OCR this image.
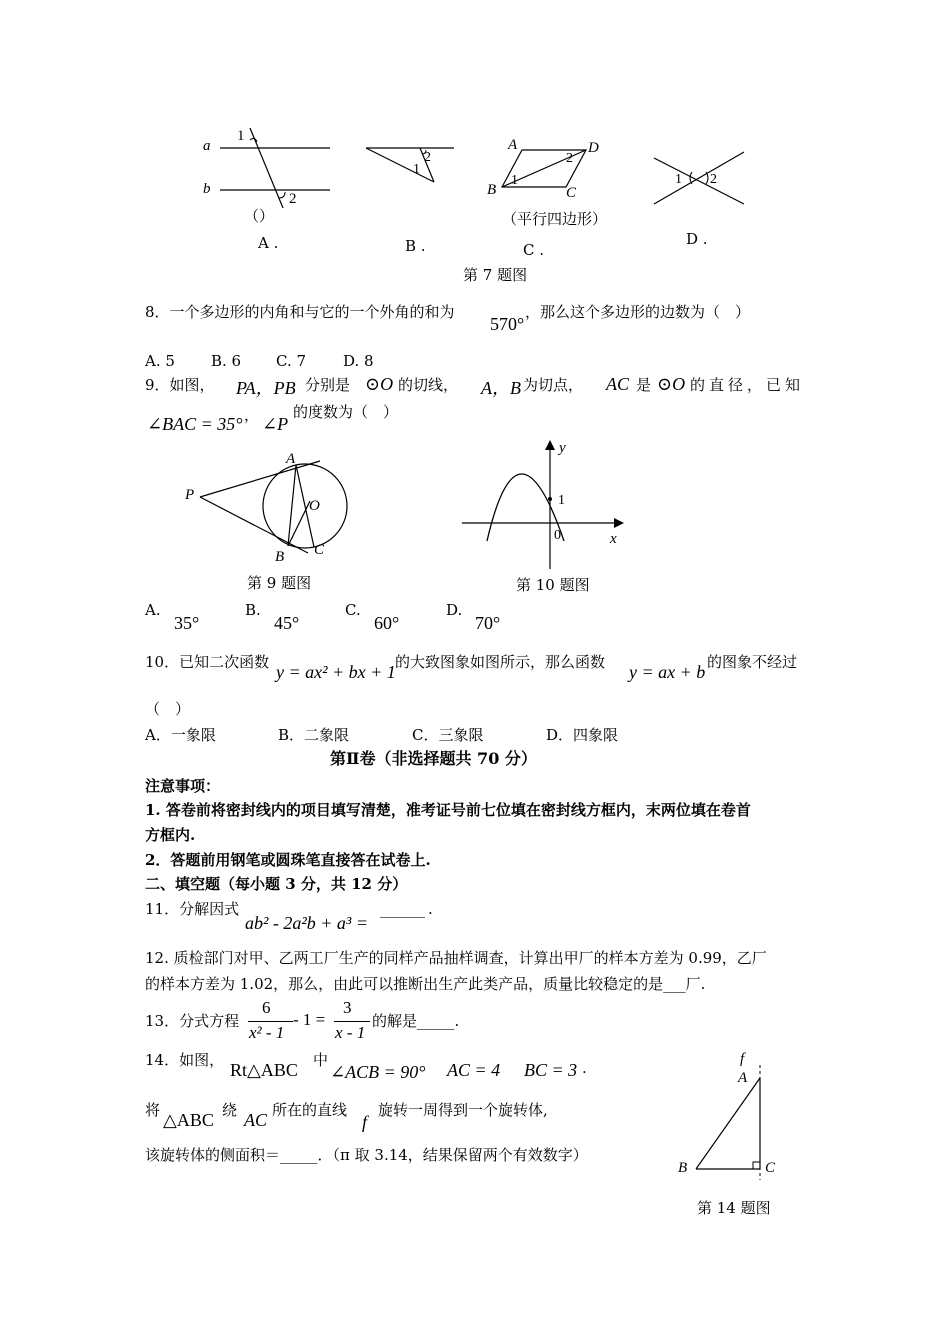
a
b
1
2
（）
A .
2
1
B .
A	D
B	C
2
1
（平行四边形）
C .
1 2
D .
第 7 题图
8．一个多边形的内角和与它的一个外角的和为
570°
，那么这个多边形的边数为（　）
A. 5 B. 6 C. 7 D. 8
9．如图， PA，PB 分别是 ⊙O 的切线， A，B 为切点， AC 是 ⊙O 的直径，已知
∠BAC = 35° ， ∠P
的度数为（　）
P
A
O
B C
第 9 题图
y
x
1
0
第 10 题图
A.
35°
B.
45°
C.
60°
D.
70°
10．已知二次函数 y = ax² + bx + 1 的大致图象如图所示，那么函数 y = ax + b 的图象不经过
（　）
A．一象限	B．二象限	C．三象限	D．四象限
第Ⅱ卷（非选择题共 70 分）
注意事项：
1. 答卷前将密封线内的项目填写清楚，准考证号前七位填在密封线方框内，末两位填在卷首
方框内.
2．答题前用钢笔或圆珠笔直接答在试卷上.
二、填空题（每小题 3 分，共 12 分）
11．分解因式
ab² - 2a²b + a³ =
______ .
12. 质检部门对甲、乙两工厂生产的同样产品抽样调查，计算出甲厂的样本方差为 0.99，乙厂
的样本方差为 1.02，那么，由此可以推断出生产此类产品，质量比较稳定的是___厂.
13．分式方程
6
x² - 1
- 1 =
3
x - 1
的解是_____.
14．如图， Rt△ABC 中
∠ACB = 90° AC = 4 BC = 3 .
将 △ABC 绕 AC 所在的直线
f
旋转一周得到一个旋转体,
该旋转体的侧面积＝_____．（π 取 3.14，结果保留两个有效数字）
f
A
B	C
第 14 题图
